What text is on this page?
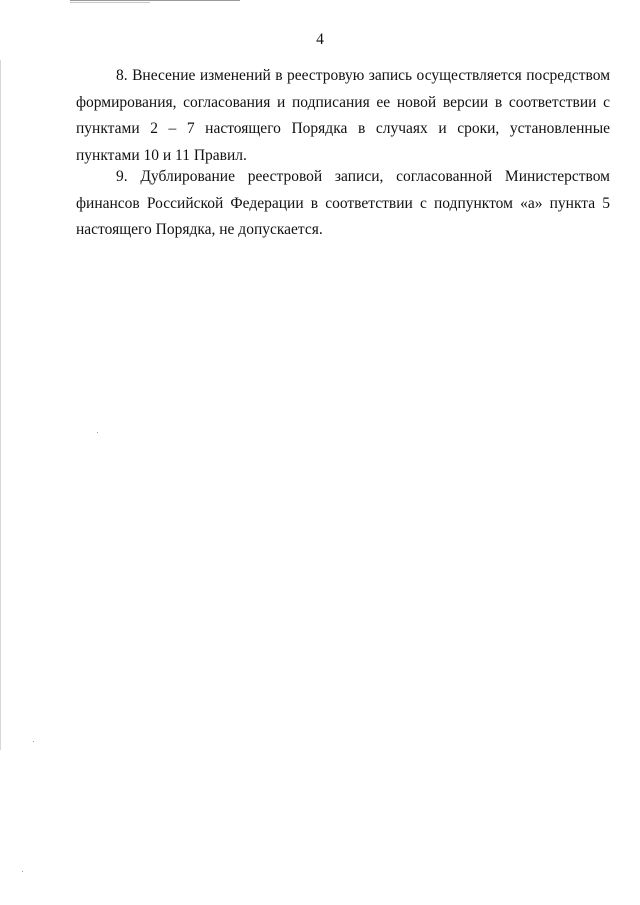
4

8. Внесение изменений в реестровую запись осуществляется посредством формирования, согласования и подписания ее новой версии в соответствии с пунктами 2 – 7 настоящего Порядка в случаях и сроки, установленные пунктами 10 и 11 Правил.

9. Дублирование реестровой записи, согласованной Министерством финансов Российской Федерации в соответствии с подпунктом «а» пункта 5 настоящего Порядка, не допускается.
